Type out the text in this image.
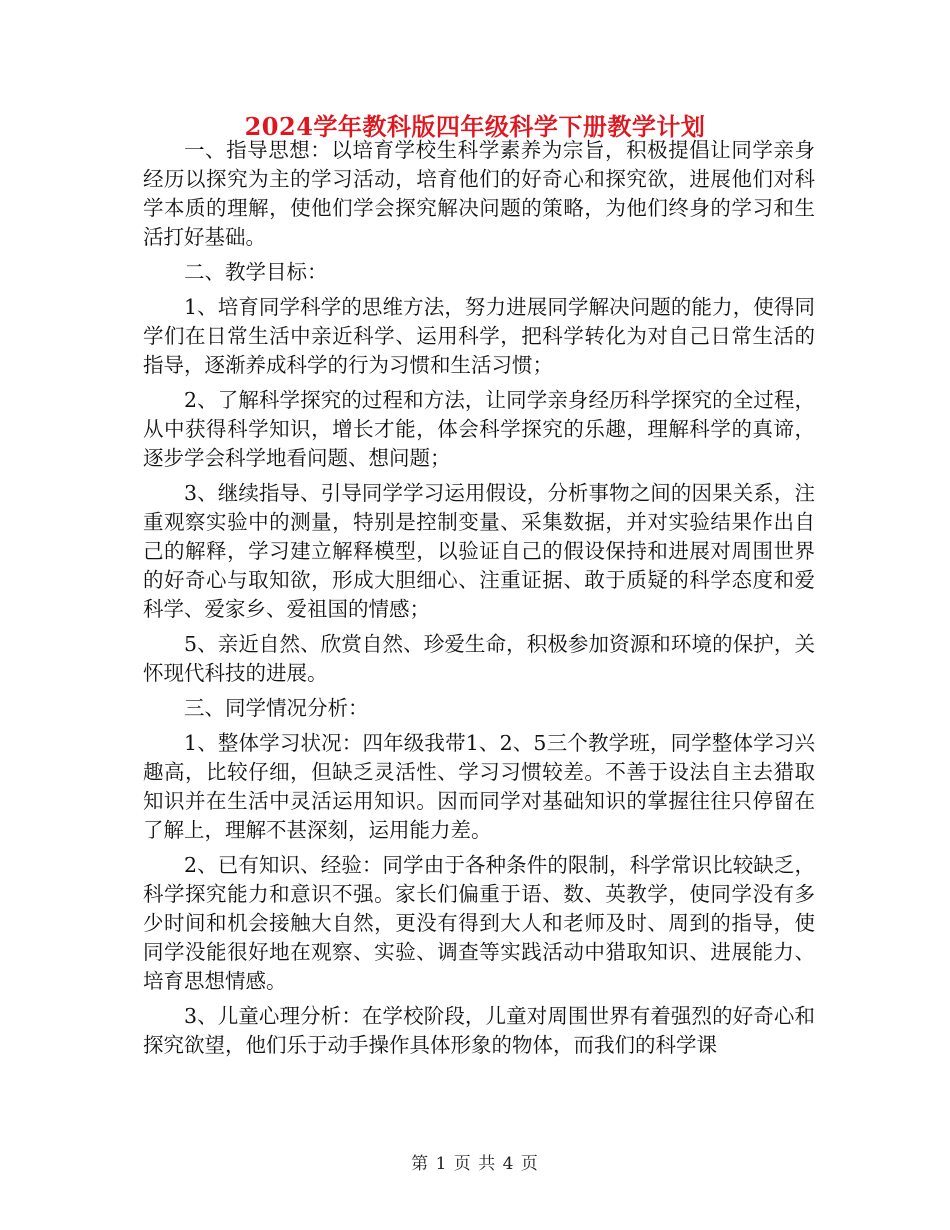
2024学年教科版四年级科学下册教学计划

一、指导思想：以培育学校生科学素养为宗旨，积极提倡让同学亲身经历以探究为主的学习活动，培育他们的好奇心和探究欲，进展他们对科学本质的理解，使他们学会探究解决问题的策略，为他们终身的学习和生活打好基础。

二、教学目标：

1、培育同学科学的思维方法，努力进展同学解决问题的能力，使得同学们在日常生活中亲近科学、运用科学，把科学转化为对自己日常生活的指导，逐渐养成科学的行为习惯和生活习惯；

2、了解科学探究的过程和方法，让同学亲身经历科学探究的全过程，从中获得科学知识，增长才能，体会科学探究的乐趣，理解科学的真谛，逐步学会科学地看问题、想问题；

3、继续指导、引导同学学习运用假设，分析事物之间的因果关系，注重观察实验中的测量，特别是控制变量、采集数据，并对实验结果作出自己的解释，学习建立解释模型，以验证自己的假设保持和进展对周围世界的好奇心与取知欲，形成大胆细心、注重证据、敢于质疑的科学态度和爱科学、爱家乡、爱祖国的情感；

5、亲近自然、欣赏自然、珍爱生命，积极参加资源和环境的保护，关怀现代科技的进展。

三、同学情况分析：

1、整体学习状况：四年级我带1、2、5三个教学班，同学整体学习兴趣高，比较仔细，但缺乏灵活性、学习习惯较差。不善于设法自主去猎取知识并在生活中灵活运用知识。因而同学对基础知识的掌握往往只停留在了解上，理解不甚深刻，运用能力差。

2、已有知识、经验：同学由于各种条件的限制，科学常识比较缺乏，科学探究能力和意识不强。家长们偏重于语、数、英教学，使同学没有多少时间和机会接触大自然，更没有得到大人和老师及时、周到的指导，使同学没能很好地在观察、实验、调查等实践活动中猎取知识、进展能力、培育思想情感。

3、儿童心理分析：在学校阶段，儿童对周围世界有着强烈的好奇心和探究欲望，他们乐于动手操作具体形象的物体，而我们的科学课

第 1 页 共 4 页
